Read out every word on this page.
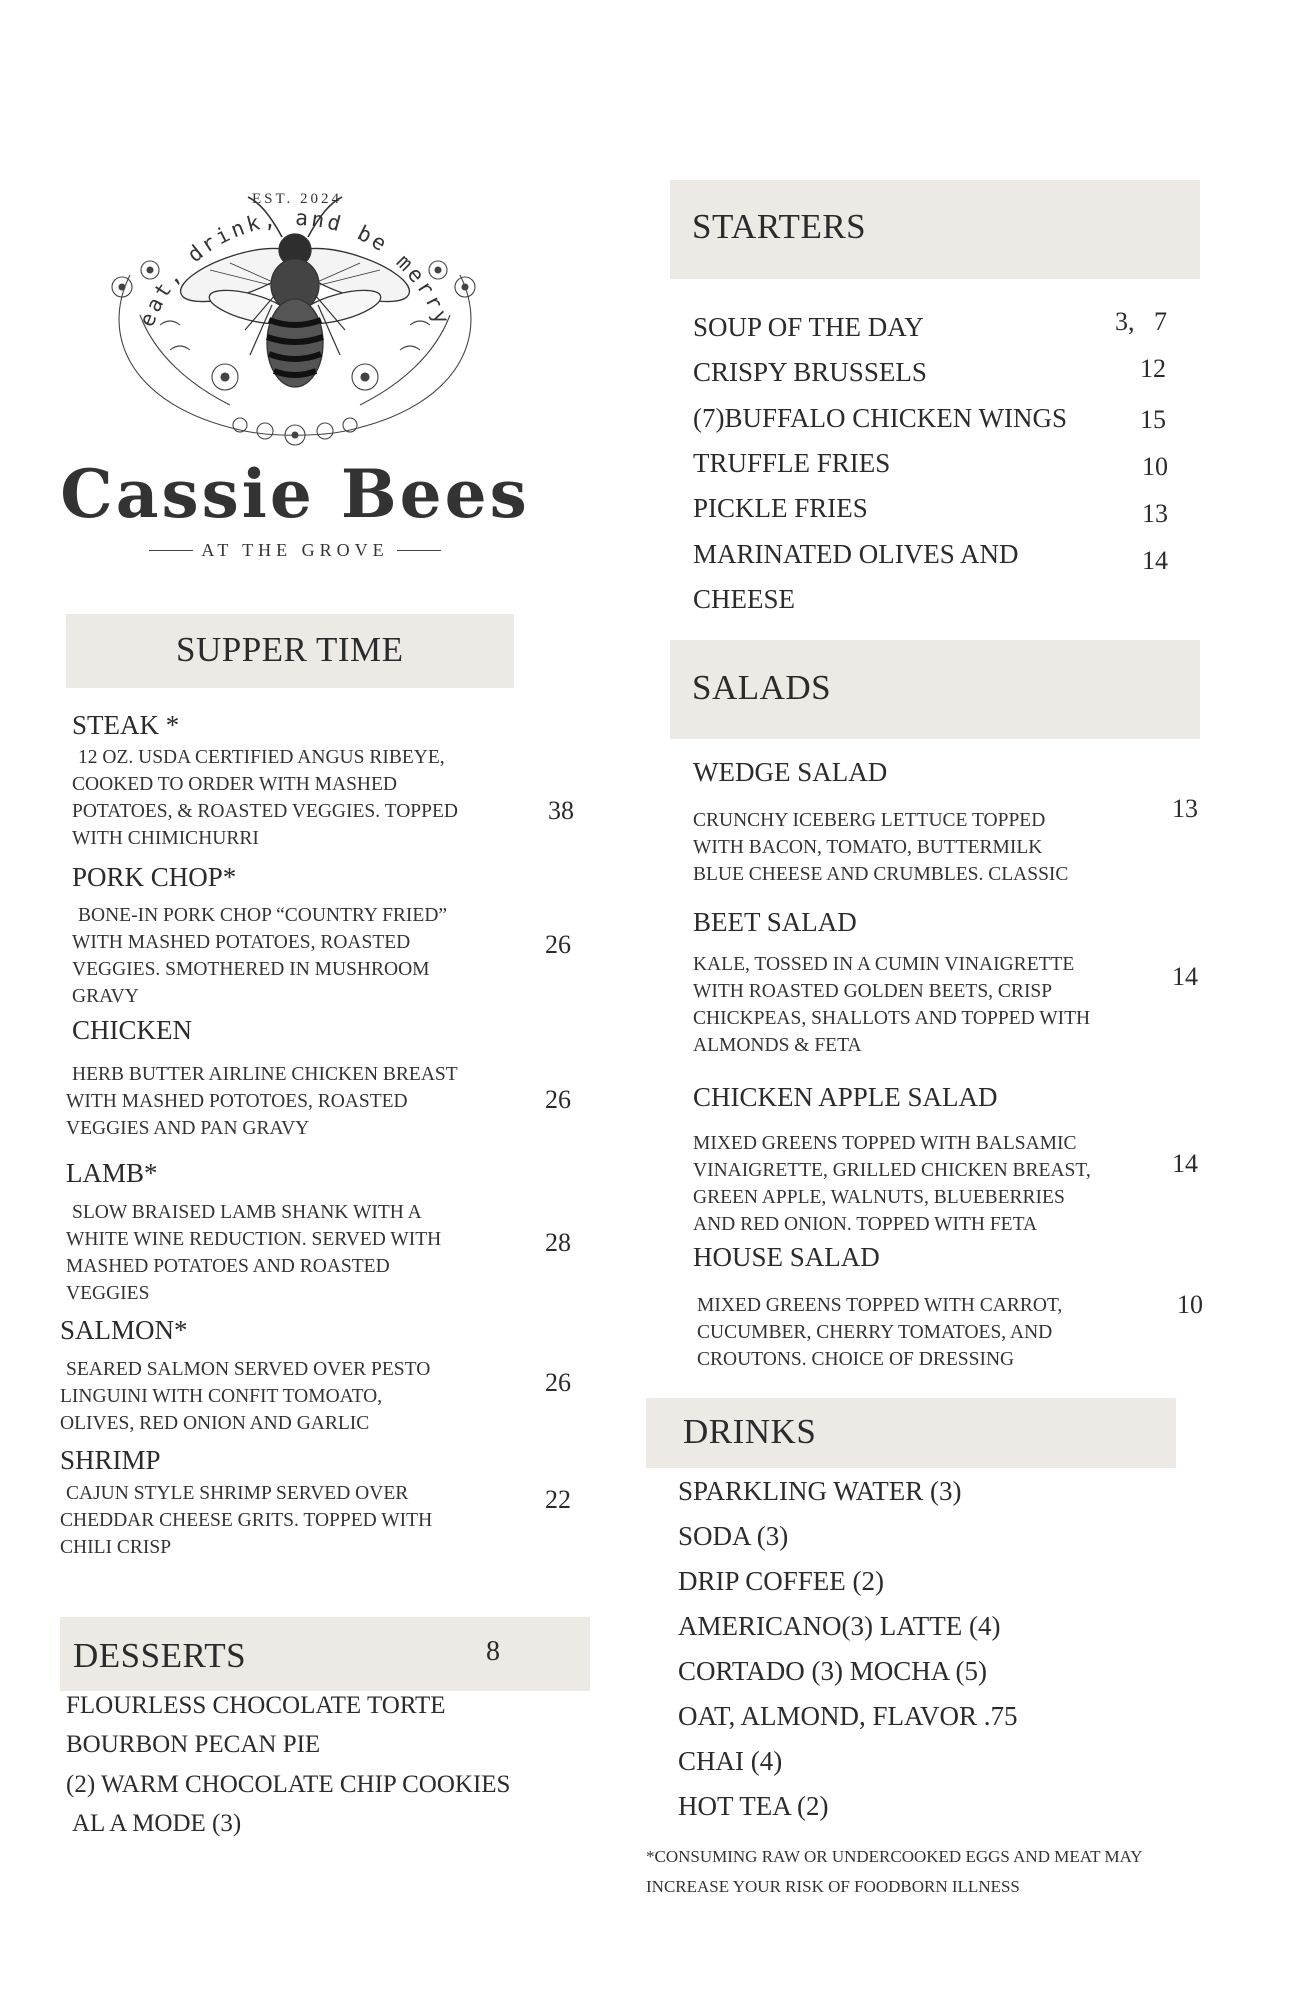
eat, drink, and be merry
EST. 2024
Cassie Bees
AT THE GROVE
SUPPER TIME
STEAK *
12 OZ. USDA CERTIFIED ANGUS RIBEYE,
COOKED TO ORDER WITH MASHED
POTATOES, & ROASTED VEGGIES. TOPPED
WITH CHIMICHURRI
38
PORK CHOP*
BONE-IN PORK CHOP “COUNTRY FRIED”
WITH MASHED POTATOES, ROASTED
VEGGIES. SMOTHERED IN MUSHROOM
GRAVY
26
CHICKEN
HERB BUTTER AIRLINE CHICKEN BREAST
WITH MASHED POTOTOES, ROASTED
VEGGIES AND PAN GRAVY
26
LAMB*
SLOW BRAISED LAMB SHANK WITH A
WHITE WINE REDUCTION. SERVED WITH
MASHED POTATOES AND ROASTED
VEGGIES
28
SALMON*
SEARED SALMON SERVED OVER PESTO
LINGUINI WITH CONFIT TOMOATO,
OLIVES, RED ONION AND GARLIC
26
SHRIMP
CAJUN STYLE SHRIMP SERVED OVER
CHEDDAR CHEESE GRITS. TOPPED WITH
CHILI CRISP
22
DESSERTS	8
FLOURLESS CHOCOLATE TORTE
BOURBON PECAN PIE
(2) WARM CHOCOLATE CHIP COOKIES
AL A MODE (3)
STARTERS
SOUP OF THE DAY	3,   7
CRISPY BRUSSELS	12
(7)BUFFALO CHICKEN WINGS	15
TRUFFLE FRIES	10
PICKLE FRIES	13
MARINATED OLIVES AND
CHEESE
14
SALADS
WEDGE SALAD
CRUNCHY ICEBERG LETTUCE TOPPED
WITH BACON, TOMATO, BUTTERMILK
BLUE CHEESE AND CRUMBLES. CLASSIC
13
BEET SALAD
KALE, TOSSED IN A CUMIN VINAIGRETTE
WITH ROASTED GOLDEN BEETS, CRISP
CHICKPEAS, SHALLOTS AND TOPPED WITH
ALMONDS & FETA
14
CHICKEN APPLE SALAD
MIXED GREENS TOPPED WITH BALSAMIC
VINAIGRETTE, GRILLED CHICKEN BREAST,
GREEN APPLE, WALNUTS, BLUEBERRIES
AND RED ONION. TOPPED WITH FETA
14
HOUSE SALAD
MIXED GREENS TOPPED WITH CARROT,
CUCUMBER, CHERRY TOMATOES, AND
CROUTONS. CHOICE OF DRESSING
10
DRINKS
SPARKLING WATER (3)
SODA (3)
DRIP COFFEE (2)
AMERICANO(3) LATTE (4)
CORTADO (3) MOCHA (5)
OAT, ALMOND, FLAVOR .75
CHAI (4)
HOT TEA (2)
*CONSUMING RAW OR UNDERCOOKED EGGS AND MEAT MAY
INCREASE YOUR RISK OF FOODBORN ILLNESS
